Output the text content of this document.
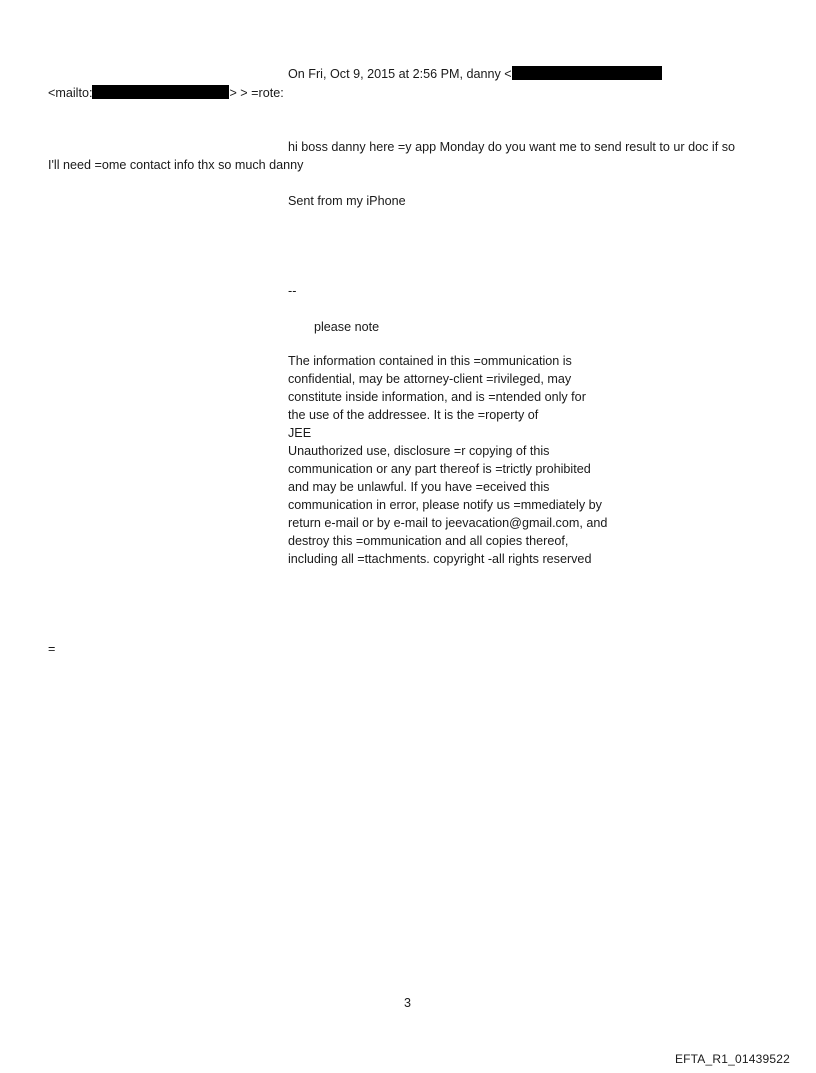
On Fri, Oct 9, 2015 at 2:56 PM, danny <
<mailto:	> > =rote:
hi boss danny here =y app Monday do you want me to send result to ur doc if so
I'll need =ome contact info thx so much danny
Sent from my iPhone
--
please note
The information contained in this =ommunication is
confidential, may be attorney-client =rivileged, may
constitute inside information, and is =ntended only for
the use of the addressee. It is the =roperty of
JEE
Unauthorized use, disclosure =r copying of this
communication or any part thereof is =trictly prohibited
and may be unlawful. If you have =eceived this
communication in error, please notify us =mmediately by
return e-mail or by e-mail to jeevacation@gmail.com, and
destroy this =ommunication and all copies thereof,
including all =ttachments. copyright -all rights reserved
=
3
EFTA_R1_01439522
